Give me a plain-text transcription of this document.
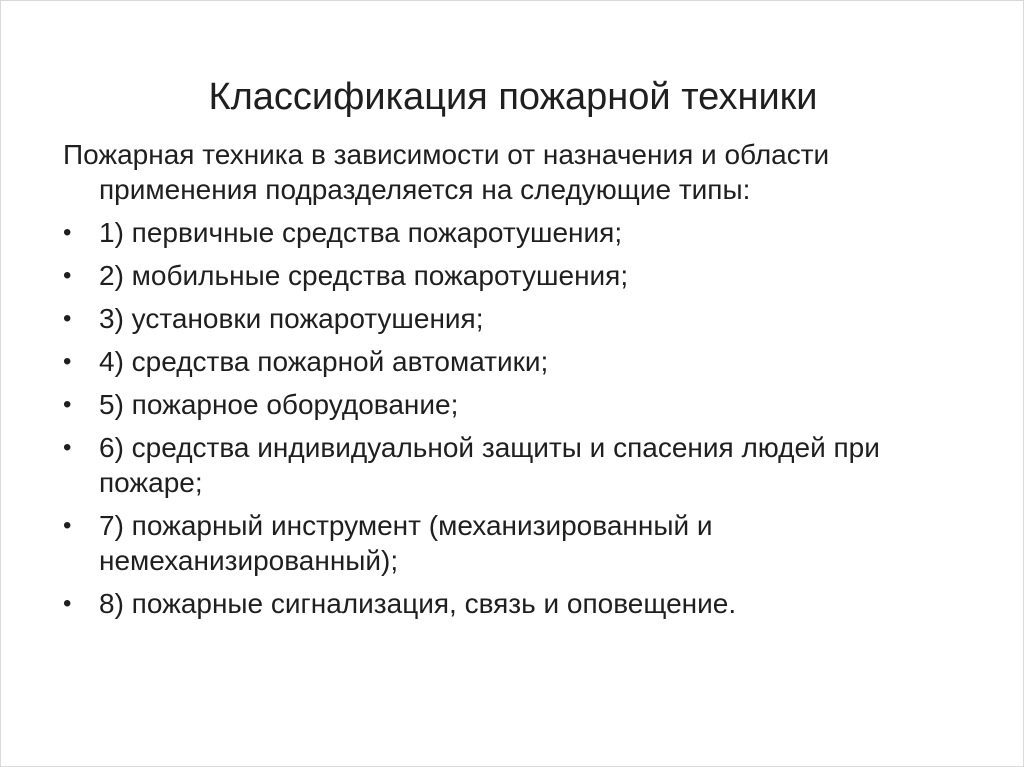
Классификация пожарной техники

Пожарная техника в зависимости от назначения и области применения подразделяется на следующие типы:

• 1) первичные средства пожаротушения;
• 2) мобильные средства пожаротушения;
• 3) установки пожаротушения;
• 4) средства пожарной автоматики;
• 5) пожарное оборудование;
• 6) средства индивидуальной защиты и спасения людей при пожаре;
• 7) пожарный инструмент (механизированный и немеханизированный);
• 8) пожарные сигнализация, связь и оповещение.
